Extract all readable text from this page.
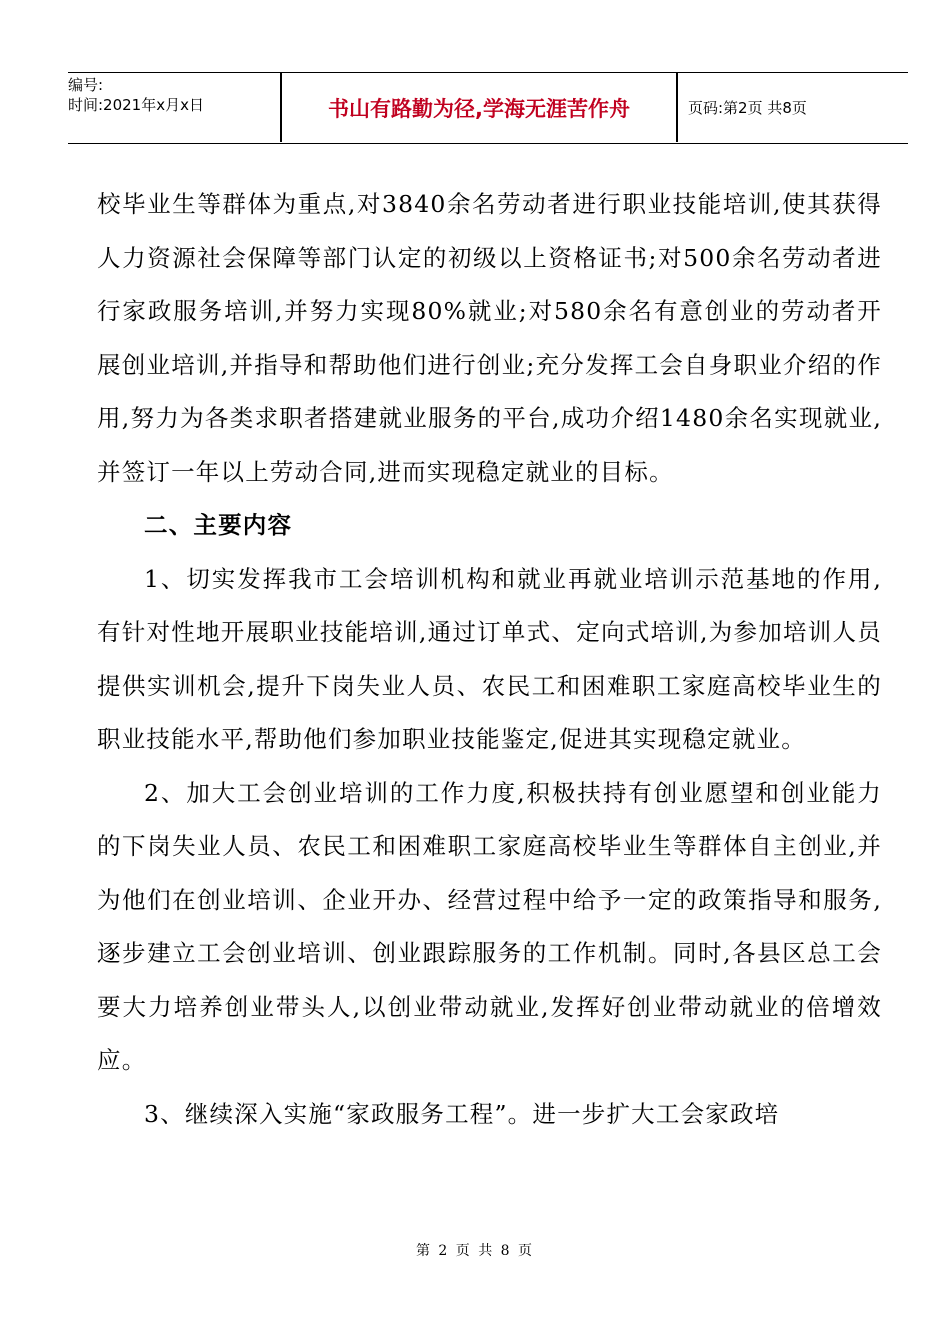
编号:
时间:2021年x月x日	书山有路勤为径,学海无涯苦作舟	页码:第2页 共8页

校毕业生等群体为重点,对3840余名劳动者进行职业技能培训,使其获得人力资源社会保障等部门认定的初级以上资格证书;对500余名劳动者进行家政服务培训,并努力实现80%就业;对580余名有意创业的劳动者开展创业培训,并指导和帮助他们进行创业;充分发挥工会自身职业介绍的作用,努力为各类求职者搭建就业服务的平台,成功介绍1480余名实现就业,并签订一年以上劳动合同,进而实现稳定就业的目标。

二、主要内容

1、切实发挥我市工会培训机构和就业再就业培训示范基地的作用,有针对性地开展职业技能培训,通过订单式、定向式培训,为参加培训人员提供实训机会,提升下岗失业人员、农民工和困难职工家庭高校毕业生的职业技能水平,帮助他们参加职业技能鉴定,促进其实现稳定就业。

2、加大工会创业培训的工作力度,积极扶持有创业愿望和创业能力的下岗失业人员、农民工和困难职工家庭高校毕业生等群体自主创业,并为他们在创业培训、企业开办、经营过程中给予一定的政策指导和服务,逐步建立工会创业培训、创业跟踪服务的工作机制。同时,各县区总工会要大力培养创业带头人,以创业带动就业,发挥好创业带动就业的倍增效应。

3、继续深入实施“家政服务工程”。进一步扩大工会家政培

第 2 页 共 8 页
